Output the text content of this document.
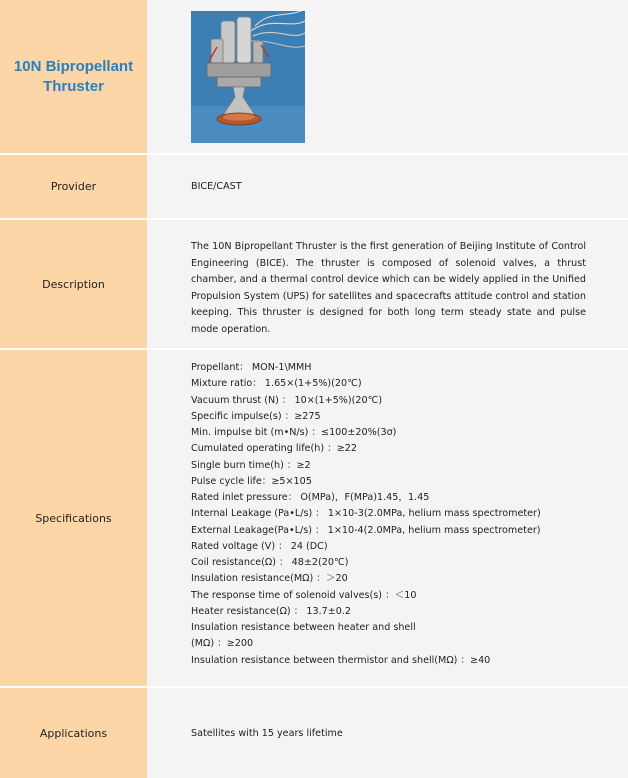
10N Bipropellant
Thruster
Provider	BICE/CAST
Description
The 10N Bipropellant Thruster is the first generation of Beijing Institute of Control Engineering (BICE). The thruster is composed of solenoid valves, a thrust chamber, and a thermal control device which can be widely applied in the Unified Propulsion System (UPS) for satellites and spacecrafts attitude control and station keeping. This thruster is designed for both long term steady state and pulse mode operation.
Specifications
Propellant： MON-1\MMH
Mixture ratio： 1.65×(1+5%)(20℃)
Vacuum thrust (N) ： 10×(1+5%)(20℃)
Specific impulse(s) ：≥275
Min. impulse bit (m•N/s) ：≤100±20%(3σ)
Cumulated operating life(h) ：≥22
Single burn time(h) ：≥2
Pulse cycle life：≥5×105
Rated inlet pressure： O(MPa)，F(MPa)1.45，1.45
Internal Leakage (Pa•L/s) ： 1×10-3(2.0MPa, helium mass spectrometer)
External Leakage(Pa•L/s) ： 1×10-4(2.0MPa, helium mass spectrometer)
Rated voltage (V) ： 24 (DC)
Coil resistance(Ω) ： 48±2(20℃)
Insulation resistance(MΩ) ：＞20
The response time of solenoid valves(s) ：＜10
Heater resistance(Ω) ： 13.7±0.2
Insulation resistance between heater and shell
(MΩ) ：≥200
Insulation resistance between thermistor and shell(MΩ) ：≥40
Applications	Satellites with 15 years lifetime
